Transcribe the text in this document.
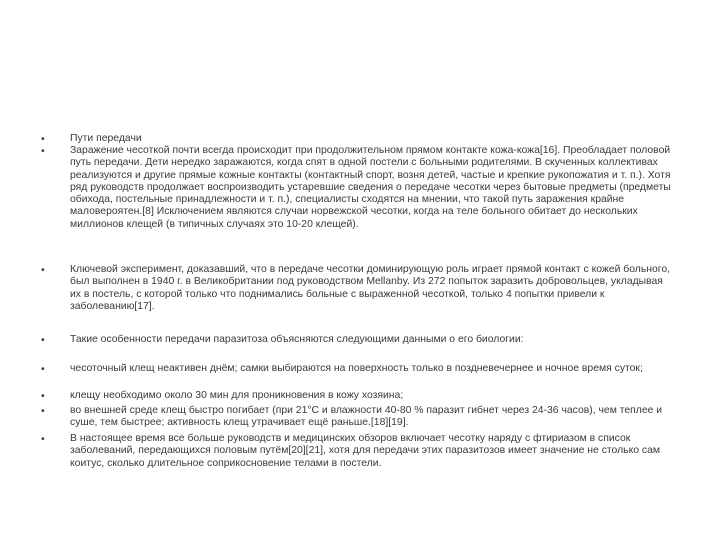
• Пути передачи
• Заражение чесоткой почти всегда происходит при продолжительном прямом контакте кожа-кожа[16]. Преобладает половой путь передачи. Дети нередко заражаются, когда спят в одной постели с больными родителями. В скученных коллективах реализуются и другие прямые кожные контакты (контактный спорт, возня детей, частые и крепкие рукопожатия и т. п.). Хотя ряд руководств продолжает воспроизводить устаревшие сведения о передаче чесотки через бытовые предметы (предметы обихода, постельные принадлежности и т. п.), специалисты сходятся на мнении, что такой путь заражения крайне маловероятен.[8] Исключением являются случаи норвежской чесотки, когда на теле больного обитает до нескольких миллионов клещей (в типичных случаях это 10-20 клещей).
• Ключевой эксперимент, доказавший, что в передаче чесотки доминирующую роль играет прямой контакт с кожей больного, был выполнен в 1940 г. в Великобритании под руководством Mellanby. Из 272 попыток заразить добровольцев, укладывая их в постель, с которой только что поднимались больные с выраженной чесоткой, только 4 попытки привели к заболеванию[17].
• Такие особенности передачи паразитоза объясняются следующими данными о его биологии:
• чесоточный клещ неактивен днём; самки выбираются на поверхность только в поздневечернее и ночное время суток;
• клещу необходимо около 30 мин для проникновения в кожу хозяина;
• во внешней среде клещ быстро погибает (при 21°C и влажности 40-80 % паразит гибнет через 24-36 часов), чем теплее и суше, тем быстрее; активность клещ утрачивает ещё раньше.[18][19].
• В настоящее время все больше руководств и медицинских обзоров включает чесотку наряду с фтириазом в список заболеваний, передающихся половым путём[20][21], хотя для передачи этих паразитозов имеет значение не столько сам коитус, сколько длительное соприкосновение телами в постели.
